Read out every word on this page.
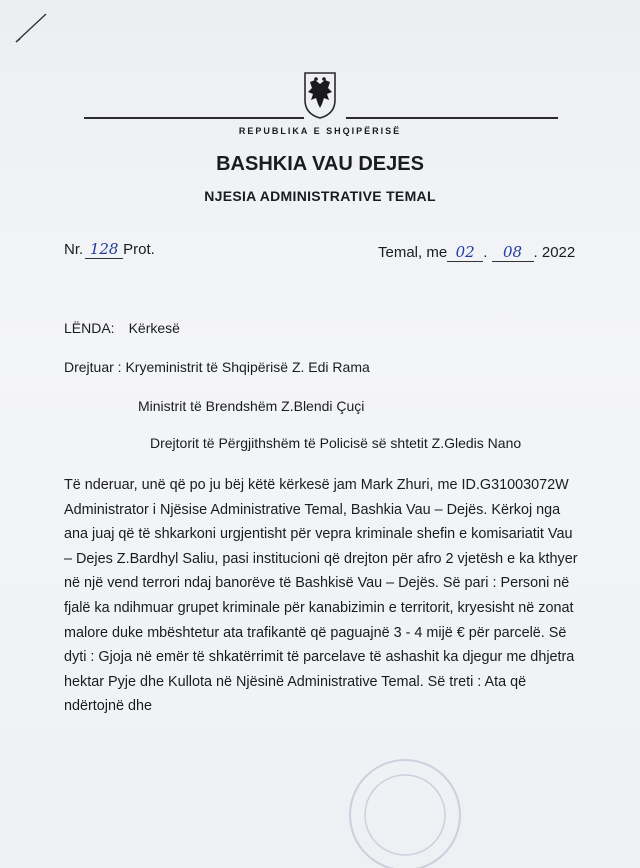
REPUBLIKA E SHQIPËRISË
BASHKIA VAU DEJES
NJESIA ADMINISTRATIVE TEMAL
Nr. 128 Prot.	Temal, me 02 . 08 . 2022
LËNDA: Kërkesë
Drejtuar : Kryeministrit të Shqipërisë Z. Edi Rama
Ministrit të Brendshëm Z.Blendi Çuçi
Drejtorit të Përgjithshëm të Policisë së shtetit Z.Gledis Nano

Të nderuar, unë që po ju bëj këtë kërkesë jam Mark Zhuri, me ID.G31003072W Administrator i Njësise Administrative Temal, Bashkia Vau – Dejës. Kërkoj nga ana juaj që të shkarkoni urgjentisht për vepra kriminale shefin e komisariatit Vau – Dejes Z.Bardhyl Saliu, pasi institucioni që drejton për afro 2 vjetësh e ka kthyer në një vend terrori ndaj banorëve të Bashkisë Vau – Dejës. Së pari : Personi në fjalë ka ndihmuar grupet kriminale për kanabizimin e territorit, kryesisht në zonat malore duke mbështetur ata trafikantë që paguajnë 3 - 4 mijë € për parcelë. Së dyti : Gjoja në emër të shkatërrimit të parcelave të ashashit ka djegur me dhjetra hektar Pyje dhe Kullota në Njësinë Administrative Temal. Së treti : Ata që ndërtojnë dhe
